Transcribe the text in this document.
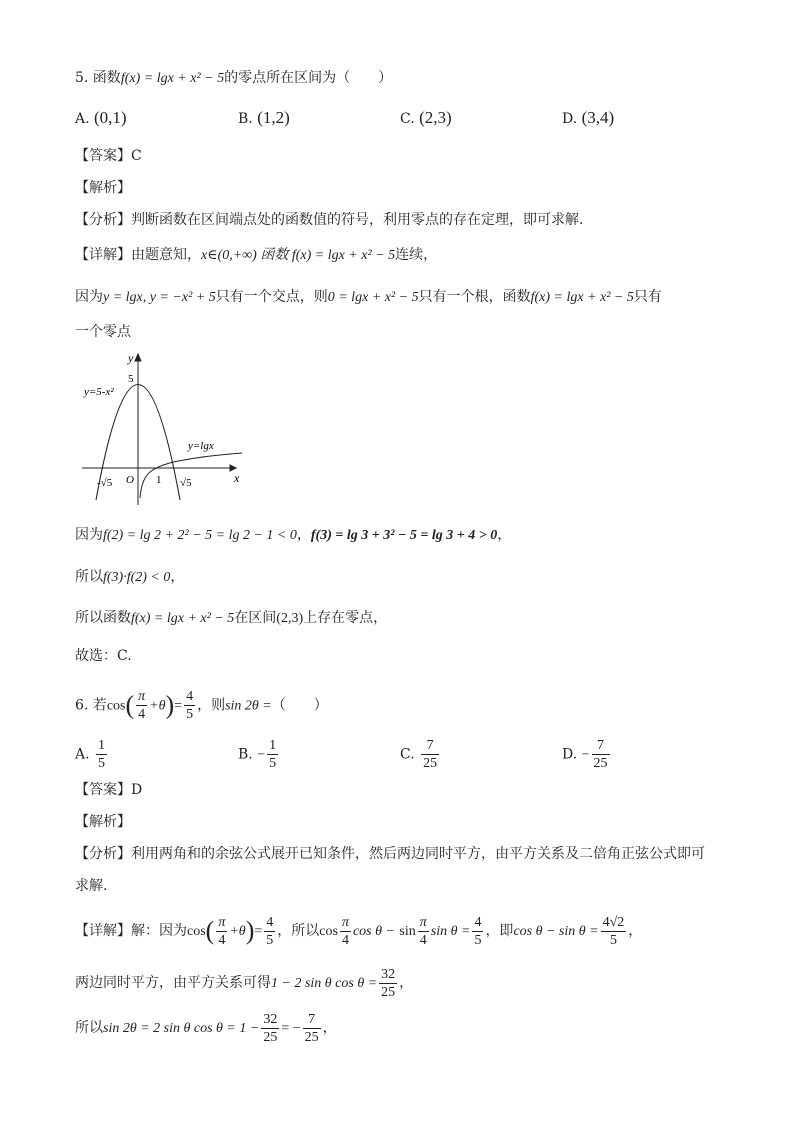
5. 函数f(x) = lgx + x² − 5的零点所在区间为（　　）
A. (0,1)	B. (1,2)	C. (2,3)	D. (3,4)
【答案】C
【解析】
【分析】判断函数在区间端点处的函数值的符号，利用零点的存在定理，即可求解.
【详解】由题意知，x∈(0,+∞) 函数 f(x) = lgx + x² − 5连续，
因为y = lgx, y = −x² + 5只有一个交点，则0 = lgx + x² − 5只有一个根，函数f(x) = lgx + x² − 5只有
一个零点
y
x
5
y=5-x²
y=lgx
O 1
-√5	√5
因为f(2) = lg 2 + 2² − 5 = lg 2 − 1 < 0，f(3) = lg 3 + 3² − 5 = lg 3 + 4 > 0，
所以f(3)·f(2) < 0，
所以函数f(x) = lgx + x² − 5在区间(2,3)上存在零点，
故选：C.
6. 若$\cos( \frac{\pi}{4} +\theta)= \frac{4}{5}$ ，则sin 2θ =（　　）
A. $\frac{1}{5}$	B. − $\frac{1}{5}$	C. $\frac{7}{25}$	D. − $\frac{7}{25}$
【答案】D
【解析】
【分析】利用两角和的余弦公式展开已知条件，然后两边同时平方，由平方关系及二倍角正弦公式即可
求解.
【详解】解：因为$\cos( \frac{\pi}{4} +\theta)= \frac{4}{5}$ ，所以$\cos \frac{\pi}{4}$ $\cos \theta - \sin \frac{\pi}{4}$ $\sin \theta = \frac{4}{5}$ ，即$\cos \theta - \sin \theta = \frac{4√2}{5}$ ，
两边同时平方，由平方关系可得1 − 2 sin θ $\cos \theta = \frac{32}{25}$ ，
所以sin 2θ = 2 sin θ $\cos \theta = 1 - \frac{32}{25}$ = − $\frac{7}{25}$ ，
